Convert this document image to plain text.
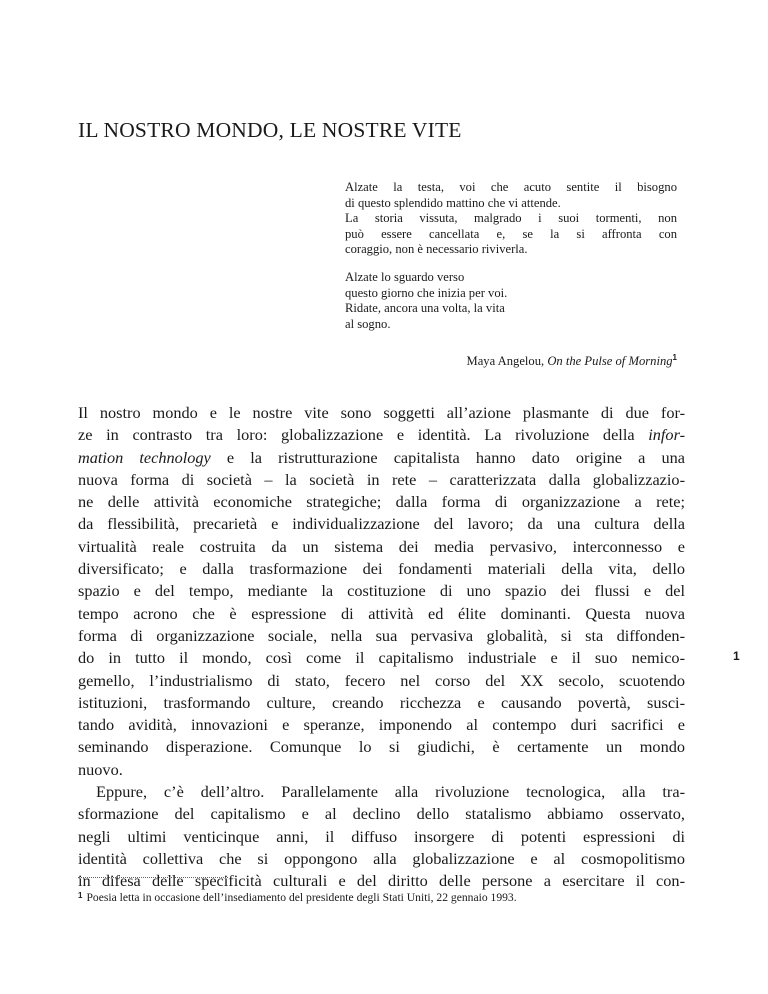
IL NOSTRO MONDO, LE NOSTRE VITE
Alzate la testa, voi che acuto sentite il bisogno
di questo splendido mattino che vi attende.
La storia vissuta, malgrado i suoi tormenti, non
può essere cancellata e, se la si affronta con
coraggio, non è necessario riviverla.
Alzate lo sguardo verso
questo giorno che inizia per voi.
Ridate, ancora una volta, la vita
al sogno.
Maya Angelou, On the Pulse of Morning$^1$
Il nostro mondo e le nostre vite sono soggetti all’azione plasmante di due for-
ze in contrasto tra loro: globalizzazione e identità. La rivoluzione della infor-
mation technology e la ristrutturazione capitalista hanno dato origine a una
nuova forma di società – la società in rete – caratterizzata dalla globalizzazio-
ne delle attività economiche strategiche; dalla forma di organizzazione a rete;
da flessibilità, precarietà e individualizzazione del lavoro; da una cultura della
virtualità reale costruita da un sistema dei media pervasivo, interconnesso e
diversificato; e dalla trasformazione dei fondamenti materiali della vita, dello
spazio e del tempo, mediante la costituzione di uno spazio dei flussi e del
tempo acrono che è espressione di attività ed élite dominanti. Questa nuova
forma di organizzazione sociale, nella sua pervasiva globalità, si sta diffonden-
do in tutto il mondo, così come il capitalismo industriale e il suo nemico-
gemello, l’industrialismo di stato, fecero nel corso del XX secolo, scuotendo
istituzioni, trasformando culture, creando ricchezza e causando povertà, susci-
tando avidità, innovazioni e speranze, imponendo al contempo duri sacrifici e
seminando disperazione. Comunque lo si giudichi, è certamente un mondo
nuovo.
Eppure, c’è dell’altro. Parallelamente alla rivoluzione tecnologica, alla tra-
sformazione del capitalismo e al declino dello statalismo abbiamo osservato,
negli ultimi venticinque anni, il diffuso insorgere di potenti espressioni di
identità collettiva che si oppongono alla globalizzazione e al cosmopolitismo
in difesa delle specificità culturali e del diritto delle persone a esercitare il con-
1
$^1$ Poesia letta in occasione dell’insediamento del presidente degli Stati Uniti, 22 gennaio 1993.
